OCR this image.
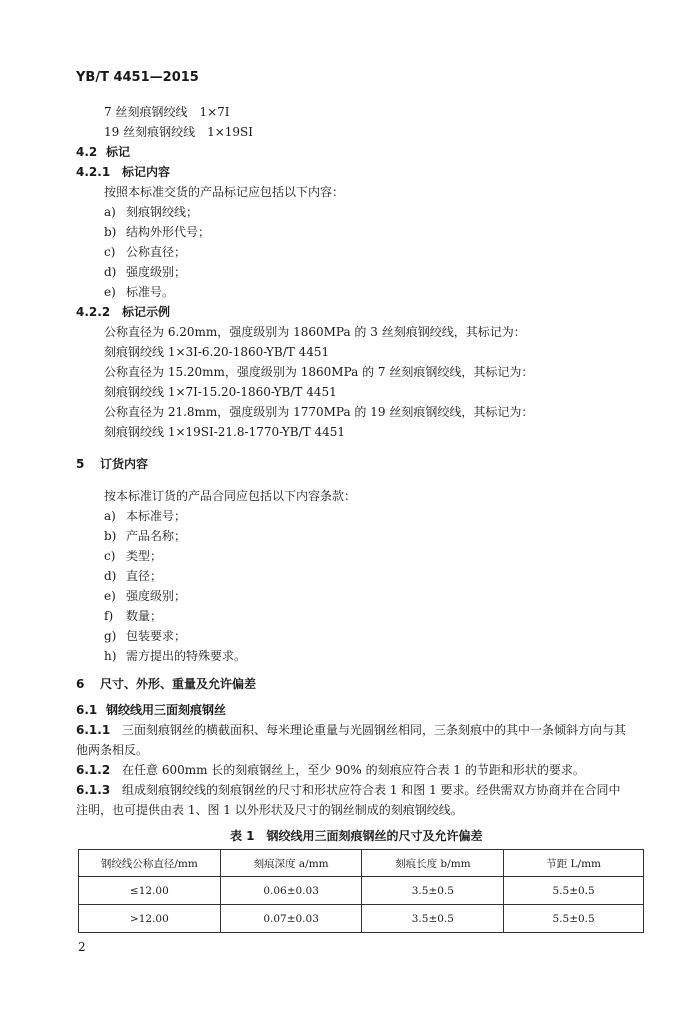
YB/T 4451—2015
7 丝刻痕钢绞线　1×7I
19 丝刻痕钢绞线　1×19SI
4.2 标记
4.2.1 标记内容
按照本标准交货的产品标记应包括以下内容：
a) 刻痕钢绞线；
b) 结构外形代号；
c) 公称直径；
d) 强度级别；
e) 标准号。
4.2.2 标记示例
公称直径为 6.20mm，强度级别为 1860MPa 的 3 丝刻痕钢绞线，其标记为：
刻痕钢绞线 1×3I-6.20-1860-YB/T 4451
公称直径为 15.20mm，强度级别为 1860MPa 的 7 丝刻痕钢绞线，其标记为：
刻痕钢绞线 1×7I-15.20-1860-YB/T 4451
公称直径为 21.8mm，强度级别为 1770MPa 的 19 丝刻痕钢绞线，其标记为：
刻痕钢绞线 1×19SI-21.8-1770-YB/T 4451
5 订货内容
按本标准订货的产品合同应包括以下内容条款：
a) 本标准号；
b) 产品名称；
c) 类型；
d) 直径；
e) 强度级别；
f) 数量；
g) 包装要求；
h) 需方提出的特殊要求。
6 尺寸、外形、重量及允许偏差
6.1 钢绞线用三面刻痕钢丝
6.1.1 三面刻痕钢丝的横截面积、每米理论重量与光圆钢丝相同，三条刻痕中的其中一条倾斜方向与其
他两条相反。
6.1.2 在任意 600mm 长的刻痕钢丝上，至少 90% 的刻痕应符合表 1 的节距和形状的要求。
6.1.3 组成刻痕钢绞线的刻痕钢丝的尺寸和形状应符合表 1 和图 1 要求。经供需双方协商并在合同中
注明，也可提供由表 1、图 1 以外形状及尺寸的钢丝制成的刻痕钢绞线。
表 1 钢绞线用三面刻痕钢丝的尺寸及允许偏差
钢绞线公称直径/mm	刻痕深度 a/mm	刻痕长度 b/mm	节距 L/mm
≤12.00	0.06±0.03	3.5±0.5	5.5±0.5
>12.00	0.07±0.03	3.5±0.5	5.5±0.5
2
